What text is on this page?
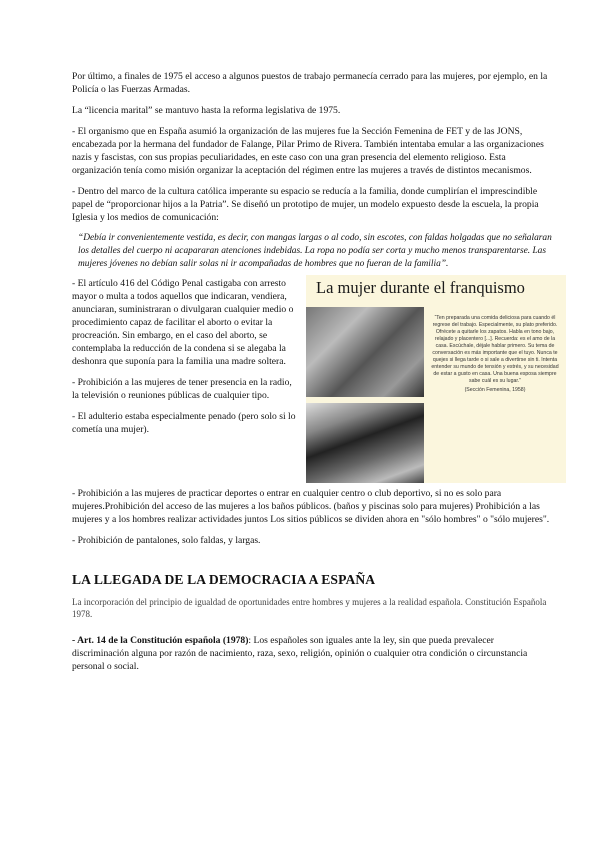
Por último, a finales de 1975 el acceso a algunos puestos de trabajo permanecía cerrado para las mujeres, por ejemplo, en la Policía o las Fuerzas Armadas.

La “licencia marital” se mantuvo hasta la reforma legislativa de 1975.

- El organismo que en España asumió la organización de las mujeres fue la Sección Femenina de FET y de las JONS, encabezada por la hermana del fundador de Falange, Pilar Primo de Rivera. También intentaba emular a las organizaciones nazis y fascistas, con sus propias peculiaridades, en este caso con una gran presencia del elemento religioso. Esta organización tenía como misión organizar la aceptación del régimen entre las mujeres a través de distintos mecanismos.

- Dentro del marco de la cultura católica imperante su espacio se reducía a la familia, donde cumplirían el imprescindible papel de “proporcionar hijos a la Patria”. Se diseñó un prototipo de mujer, un modelo expuesto desde la escuela, la propia Iglesia y los medios de comunicación:

“Debía ir convenientemente vestida, es decir, con mangas largas o al codo, sin escotes, con faldas holgadas que no señalaran los detalles del cuerpo ni acapararan atenciones indebidas. La ropa no podía ser corta y mucho menos transparentarse. Las mujeres jóvenes no debían salir solas ni ir acompañadas de hombres que no fueran de la familia”.

La mujer durante el franquismo
“Ten preparada una comida deliciosa para cuando él regrese del trabajo. Especialmente, su plato preferido. Ofrécete a quitarle los zapatos. Habla en tono bajo, relajado y placentero [...]. Recuerda: es el amo de la casa. Escúchale, déjale hablar primero. Su tema de conversación es más importante que el tuyo. Nunca te quejes si llega tarde o si sale a divertirse sin ti. Intenta entender su mundo de tensión y estrés, y su necesidad de estar a gusto en casa. Una buena esposa siempre sabe cuál es su lugar.”
(Sección Femenina, 1958)

- El artículo 416 del Código Penal castigaba con arresto mayor o multa a todos aquellos que indicaran, vendiera, anunciaran, suministraran o divulgaran cualquier medio o procedimiento capaz de facilitar el aborto o evitar la procreación. Sin embargo, en el caso del aborto, se contemplaba la reducción de la condena si se alegaba la deshonra que suponía para la familia una madre soltera.

- Prohibición a las mujeres de tener presencia en la radio, la televisión o reuniones públicas de cualquier tipo.

- El adulterio estaba especialmente penado (pero solo si lo cometía una mujer).

- Prohibición a las mujeres de practicar deportes o entrar en cualquier centro o club deportivo, si no es solo para mujeres.Prohibición del acceso de las mujeres a los baños públicos. (baños y piscinas solo para mujeres) Prohibición a las mujeres y a los hombres realizar actividades juntos Los sitios públicos se dividen ahora en "sólo hombres" o "sólo mujeres".

- Prohibición de pantalones, solo faldas, y largas.

LA LLEGADA DE LA DEMOCRACIA A ESPAÑA

La incorporación del principio de igualdad de oportunidades entre hombres y mujeres a la realidad española. Constitución Española 1978.

- Art. 14 de la Constitución española (1978): Los españoles son iguales ante la ley, sin que pueda prevalecer discriminación alguna por razón de nacimiento, raza, sexo, religión, opinión o cualquier otra condición o circunstancia personal o social.
